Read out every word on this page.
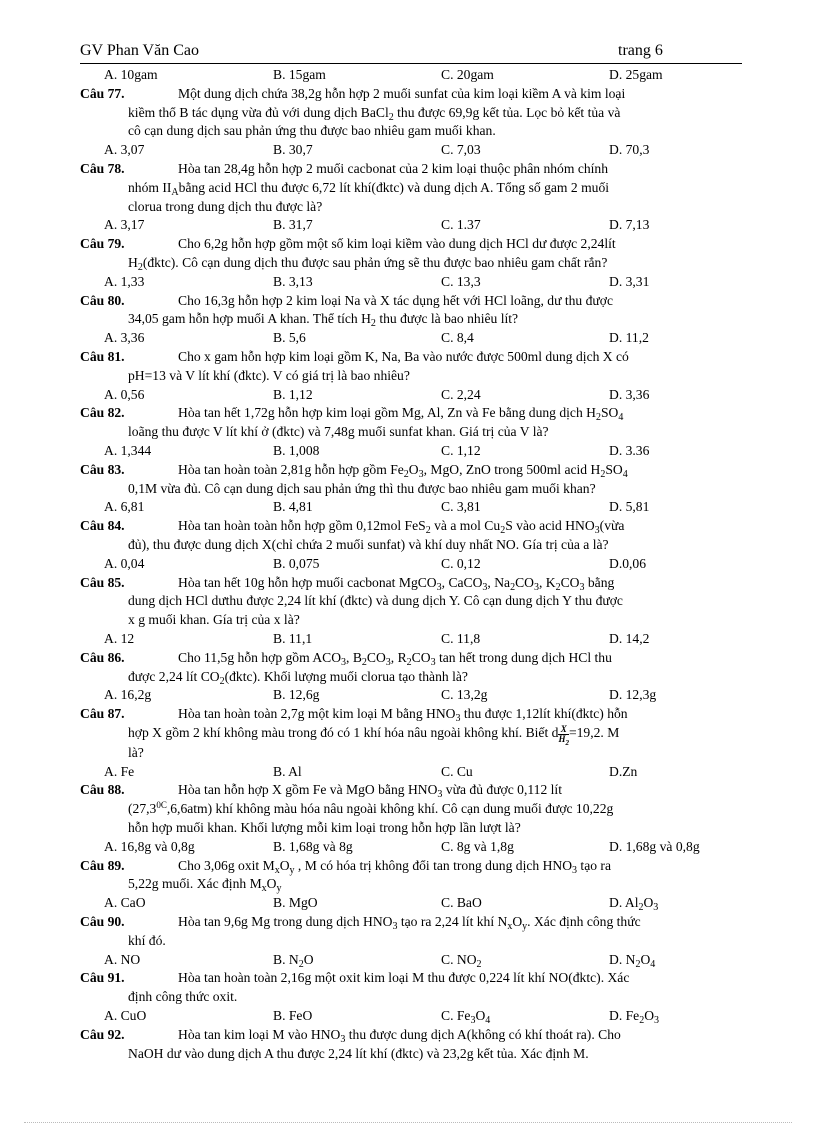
GV Phan Văn Cao	trang 6
A. 10gam	B. 15gam	C. 20gam	D. 25gam
Câu 77.	Một dung dịch chứa 38,2g hỗn hợp 2 muối sunfat của kim loại kiềm A và kim loại
kiềm thổ B tác dụng vừa đủ với dung dịch BaCl$_2$ thu được 69,9g kết tủa. Lọc bỏ kết tủa và
cô cạn dung dịch sau phản ứng thu được bao nhiêu gam muối khan.
A. 3,07	B. 30,7	C. 7,03	D. 70,3
Câu 78.	Hòa tan 28,4g hỗn hợp 2 muối cacbonat của 2 kim loại thuộc phân nhóm chính
nhóm $II_Abằng$ acid HCl thu được 6,72 lít khí(đktc) và dung dịch A. Tổng số gam 2 muối
clorua trong dung dịch thu được là?
A. 3,17	B. 31,7	C. 1.37	D. 7,13
Câu 79.	Cho 6,2g hỗn hợp gồm một số kim loại kiềm vào dung dịch HCl dư được 2,24lít
$H_2(đktc)$. Cô cạn dung dịch thu được sau phản ứng sẽ thu được bao nhiêu gam chất rắn?
A. 1,33	B. 3,13	C. 13,3	D. 3,31
Câu 80.	Cho 16,3g hỗn hợp 2 kim loại Na và X tác dụng hết với HCl loãng, dư thu được
34,05 gam hỗn hợp muối A khan. Thể tích $H_2$ thu được là bao nhiêu lít?
A. 3,36	B. 5,6	C. 8,4	D. 11,2
Câu 81.	Cho x gam hỗn hợp kim loại gồm K, Na, Ba vào nước được 500ml dung dịch X có
pH=13 và V lít khí (đktc). V có giá trị là bao nhiêu?
A. 0,56	B. 1,12	C. 2,24	D. 3,36
Câu 82.	Hòa tan hết 1,72g hỗn hợp kim loại gồm Mg, Al, Zn và Fe bằng dung dịch $H_2SO_4$
loãng thu được V lít khí ở (đktc) và 7,48g muối sunfat khan. Giá trị của V là?
A. 1,344	B. 1,008	C. 1,12	D. 3.36
Câu 83.	Hòa tan hoàn toàn 2,81g hỗn hợp gồm $Fe_2O_3$, MgO, ZnO trong 500ml acid $H_2SO_4$
0,1M vừa đủ. Cô cạn dung dịch sau phản ứng thì thu được bao nhiêu gam muối khan?
A. 6,81	B. 4,81	C. 3,81	D. 5,81
Câu 84.	Hòa tan hoàn toàn hỗn hợp gồm 0,12mol FeS$_2$ và a mol $Cu_2S$ vào acid $HNO_3(vừa$
đủ), thu được dung dịch X(chỉ chứa 2 muối sunfat) và khí duy nhất NO. Gía trị của a là?
A. 0,04	B. 0,075	C. 0,12	D.0,06
Câu 85.	Hòa tan hết 10g hỗn hợp muối cacbonat MgCO$_3$, CaCO$_3$, $Na_2CO_3$, $K_2CO_3$ bằng
dung dịch HCl dưthu được 2,24 lít khí (đktc) và dung dịch Y. Cô cạn dung dịch Y thu được
x g muối khan. Gía trị của x là?
A. 12	B. 11,1	C. 11,8	D. 14,2
Câu 86.	Cho 11,5g hỗn hợp gồm $ACO_3$, $B_2CO_3$, $R_2CO_3$ tan hết trong dung dịch HCl thu
được 2,24 lít $CO_2(đktc)$. Khối lượng muối clorua tạo thành là?
A. 16,2g	B. 12,6g	C. 13,2g	D. 12,3g
Câu 87.	Hòa tan hoàn toàn 2,7g một kim loại M bằng $HNO_3$ thu được 1,12lít khí(đktc) hỗn
hợp X gồm 2 khí không màu trong đó có 1 khí hóa nâu ngoài không khí. Biết d $\frac{X}{H_2} =19,2$. M
là?
A. Fe	B. Al	C. Cu	D.Zn
Câu 88.	Hòa tan hỗn hợp X gồm Fe và MgO bằng $HNO_3$ vừa đủ được 0,112 lít
$(27,3^{0C},6,6atm)$ khí không màu hóa nâu ngoài không khí. Cô cạn dung muối được 10,22g
hỗn hợp muối khan. Khối lượng mỗi kim loại trong hỗn hợp lần lượt là?
A. 16,8g và 0,8g	B. 1,68g và 8g	C. 8g và 1,8g	D. 1,68g và 0,8g
Câu 89.	Cho 3,06g oxit $M_xO_y$ , M có hóa trị không đổi tan trong dung dịch $HNO_3$ tạo ra
5,22g muối. Xác định $M_xO_y$
A. CaO	B. MgO	C. BaO	D. $Al_2O_3$
Câu 90.	Hòa tan 9,6g Mg trong dung dịch $HNO_3$ tạo ra 2,24 lít khí $N_xO_y$. Xác định công thức
khí đó.
A. NO	B. $N_2O$	C. $NO_2$	D. $N_2O_4$
Câu 91.	Hòa tan hoàn toàn 2,16g một oxit kim loại M thu được 0,224 lít khí NO(đktc). Xác
định công thức oxit.
A. CuO	B. FeO	C. $Fe_3O_4$	D. $Fe_2O_3$
Câu 92.	Hòa tan kim loại M vào $HNO_3$ thu được dung dịch A(không có khí thoát ra). Cho
NaOH dư vào dung dịch A thu được 2,24 lít khí (đktc) và 23,2g kết tủa. Xác định M.
